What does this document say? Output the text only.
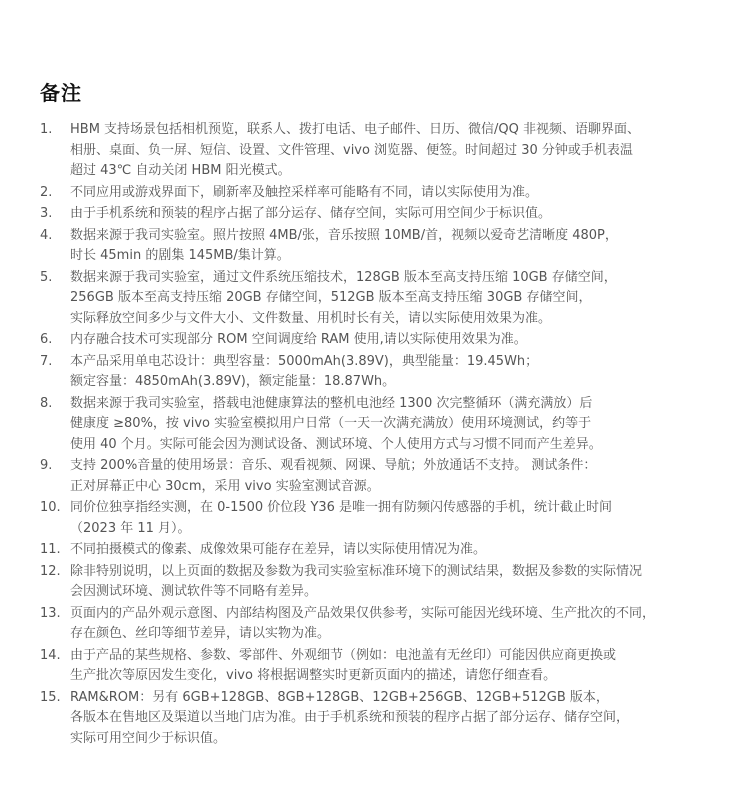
备注
1.	HBM 支持场景包括相机预览，联系人、拨打电话、电子邮件、日历、微信/QQ 非视频、语聊界面、
相册、桌面、负一屏、短信、设置、文件管理、vivo 浏览器、便签。时间超过 30 分钟或手机表温
超过 43℃ 自动关闭 HBM 阳光模式。
2.	不同应用或游戏界面下，刷新率及触控采样率可能略有不同，请以实际使用为准。
3.	由于手机系统和预装的程序占据了部分运存、储存空间，实际可用空间少于标识值。
4.	数据来源于我司实验室。照片按照 4MB/张，音乐按照 10MB/首，视频以爱奇艺清晰度 480P，
时长 45min 的剧集 145MB/集计算。
5.	数据来源于我司实验室，通过文件系统压缩技术，128GB 版本至高支持压缩 10GB 存储空间，
256GB 版本至高支持压缩 20GB 存储空间，512GB 版本至高支持压缩 30GB 存储空间，
实际释放空间多少与文件大小、文件数量、用机时长有关，请以实际使用效果为准。
6.	内存融合技术可实现部分 ROM 空间调度给 RAM 使用,请以实际使用效果为准。
7.	本产品采用单电芯设计：典型容量：5000mAh(3.89V)，典型能量：19.45Wh；
额定容量：4850mAh(3.89V)，额定能量：18.87Wh。
8.	数据来源于我司实验室，搭载电池健康算法的整机电池经 1300 次完整循环（满充满放）后
健康度 ≥80%，按 vivo 实验室模拟用户日常（一天一次满充满放）使用环境测试，约等于
使用 40 个月。实际可能会因为测试设备、测试环境、个人使用方式与习惯不同而产生差异。
9.	支持 200%音量的使用场景：音乐、观看视频、网课、导航；外放通话不支持。 测试条件：
正对屏幕正中心 30cm，采用 vivo 实验室测试音源。
10. 同价位独享指经实测，在 0-1500 价位段 Y36 是唯一拥有防频闪传感器的手机，统计截止时间
（2023 年 11 月）。
11. 不同拍摄模式的像素、成像效果可能存在差异，请以实际使用情况为准。
12. 除非特别说明，以上页面的数据及参数为我司实验室标准环境下的测试结果，数据及参数的实际情况
会因测试环境、测试软件等不同略有差异。
13. 页面内的产品外观示意图、内部结构图及产品效果仅供参考，实际可能因光线环境、生产批次的不同，
存在颜色、丝印等细节差异，请以实物为准。
14. 由于产品的某些规格、参数、零部件、外观细节（例如：电池盖有无丝印）可能因供应商更换或
生产批次等原因发生变化，vivo 将根据调整实时更新页面内的描述，请您仔细查看。
15. RAM&ROM：另有 6GB+128GB、8GB+128GB、12GB+256GB、12GB+512GB 版本，
各版本在售地区及渠道以当地门店为准。由于手机系统和预装的程序占据了部分运存、储存空间，
实际可用空间少于标识值。
